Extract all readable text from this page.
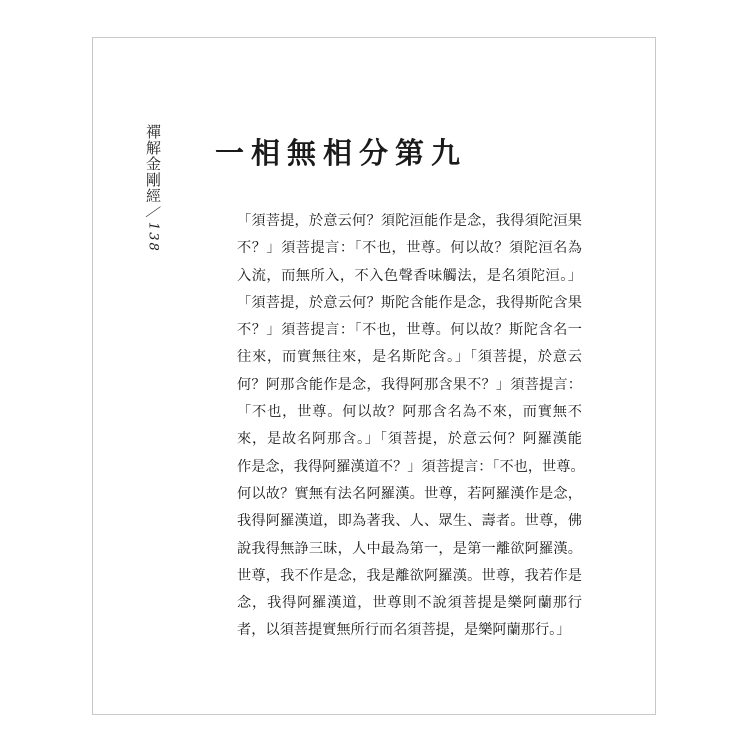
禪解金剛經
／
138
一相無相分第九
「須菩提，於意云何？須陀洹能作是念，我得須陀洹果
不？」須菩提言：「不也，世尊。何以故？須陀洹名為
入流，而無所入，不入色聲香味觸法，是名須陀洹。」
「須菩提，於意云何？斯陀含能作是念，我得斯陀含果
不？」須菩提言：「不也，世尊。何以故？斯陀含名一
往來，而實無往來，是名斯陀含。」「須菩提，於意云
何？阿那含能作是念，我得阿那含果不？」須菩提言：
「不也，世尊。何以故？阿那含名為不來，而實無不
來，是故名阿那含。」「須菩提，於意云何？阿羅漢能
作是念，我得阿羅漢道不？」須菩提言：「不也，世尊。
何以故？實無有法名阿羅漢。世尊，若阿羅漢作是念，
我得阿羅漢道，即為著我、人、眾生、壽者。世尊，佛
說我得無諍三昧，人中最為第一，是第一離欲阿羅漢。
世尊，我不作是念，我是離欲阿羅漢。世尊，我若作是
念，我得阿羅漢道，世尊則不說須菩提是樂阿蘭那行
者，以須菩提實無所行而名須菩提，是樂阿蘭那行。」
